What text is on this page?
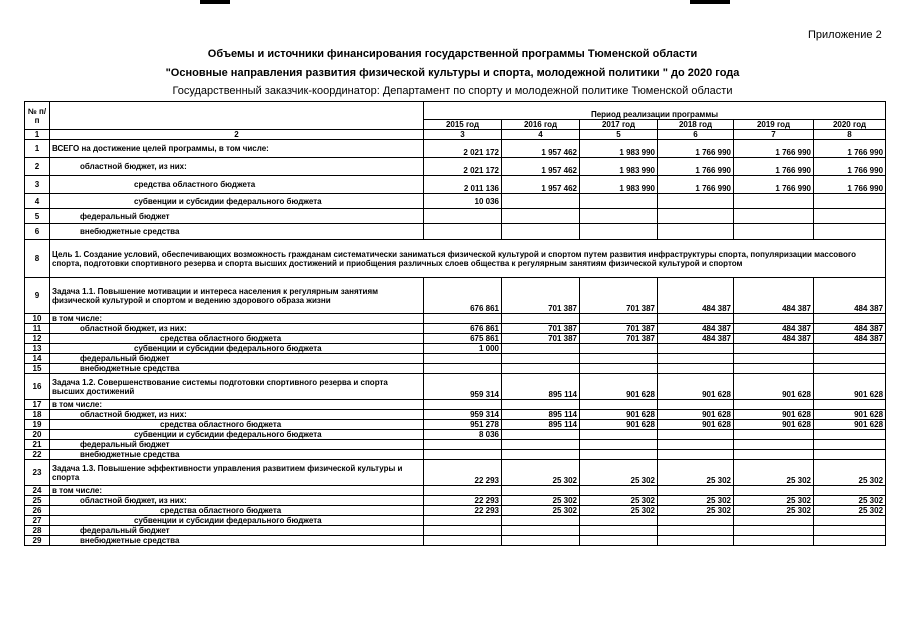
Приложение 2
Объемы и источники финансирования государственной программы Тюменской области
"Основные направления развития физической культуры и спорта, молодежной политики " до 2020 года
Государственный заказчик-координатор: Департамент по спорту и молодежной политике Тюменской области
№ п/п		Период реализации программы					
		2015 год	2016 год	2017 год	2018 год	2019 год	2020 год
1	2	3	4	5	6	7	8
1	ВСЕГО на достижение целей программы, в том числе:	2 021 172	1 957 462	1 983 990	1 766 990	1 766 990	1 766 990
2	областной бюджет, из них:	2 021 172	1 957 462	1 983 990	1 766 990	1 766 990	1 766 990
3	средства областного бюджета	2 011 136	1 957 462	1 983 990	1 766 990	1 766 990	1 766 990
4	субвенции и субсидии федерального бюджета	10 036					
5	федеральный бюджет						
6	внебюджетные средства						
8	Цель 1. Создание условий, обеспечивающих возможность гражданам систематически заниматься физической культурой и спортом путем развития инфраструктуры спорта, популяризации массового спорта, подготовки спортивного резерва и спорта высших достижений и приобщения различных слоев общества к регулярным занятиям физической культурой и спортом						
9	Задача 1.1. Повышение мотивации и интереса населения к регулярным занятиям физической культурой и спортом и ведению здорового образа жизни	676 861	701 387	701 387	484 387	484 387	484 387
10	в том числе:						
11	областной бюджет, из них:	676 861	701 387	701 387	484 387	484 387	484 387
12	средства областного бюджета	675 861	701 387	701 387	484 387	484 387	484 387
13	субвенции и субсидии федерального бюджета	1 000					
14	федеральный бюджет						
15	внебюджетные средства						
16	Задача 1.2. Совершенствование системы подготовки спортивного резерва и спорта высших достижений	959 314	895 114	901 628	901 628	901 628	901 628
17	в том числе:						
18	областной бюджет, из них:	959 314	895 114	901 628	901 628	901 628	901 628
19	средства областного бюджета	951 278	895 114	901 628	901 628	901 628	901 628
20	субвенции и субсидии федерального бюджета	8 036					
21	федеральный бюджет						
22	внебюджетные средства						
23	Задача 1.3. Повышение эффективности управления развитием физической культуры и спорта	22 293	25 302	25 302	25 302	25 302	25 302
24	в том числе:						
25	областной бюджет, из них:	22 293	25 302	25 302	25 302	25 302	25 302
26	средства областного бюджета	22 293	25 302	25 302	25 302	25 302	25 302
27	субвенции и субсидии федерального бюджета						
28	федеральный бюджет						
29	внебюджетные средства						
